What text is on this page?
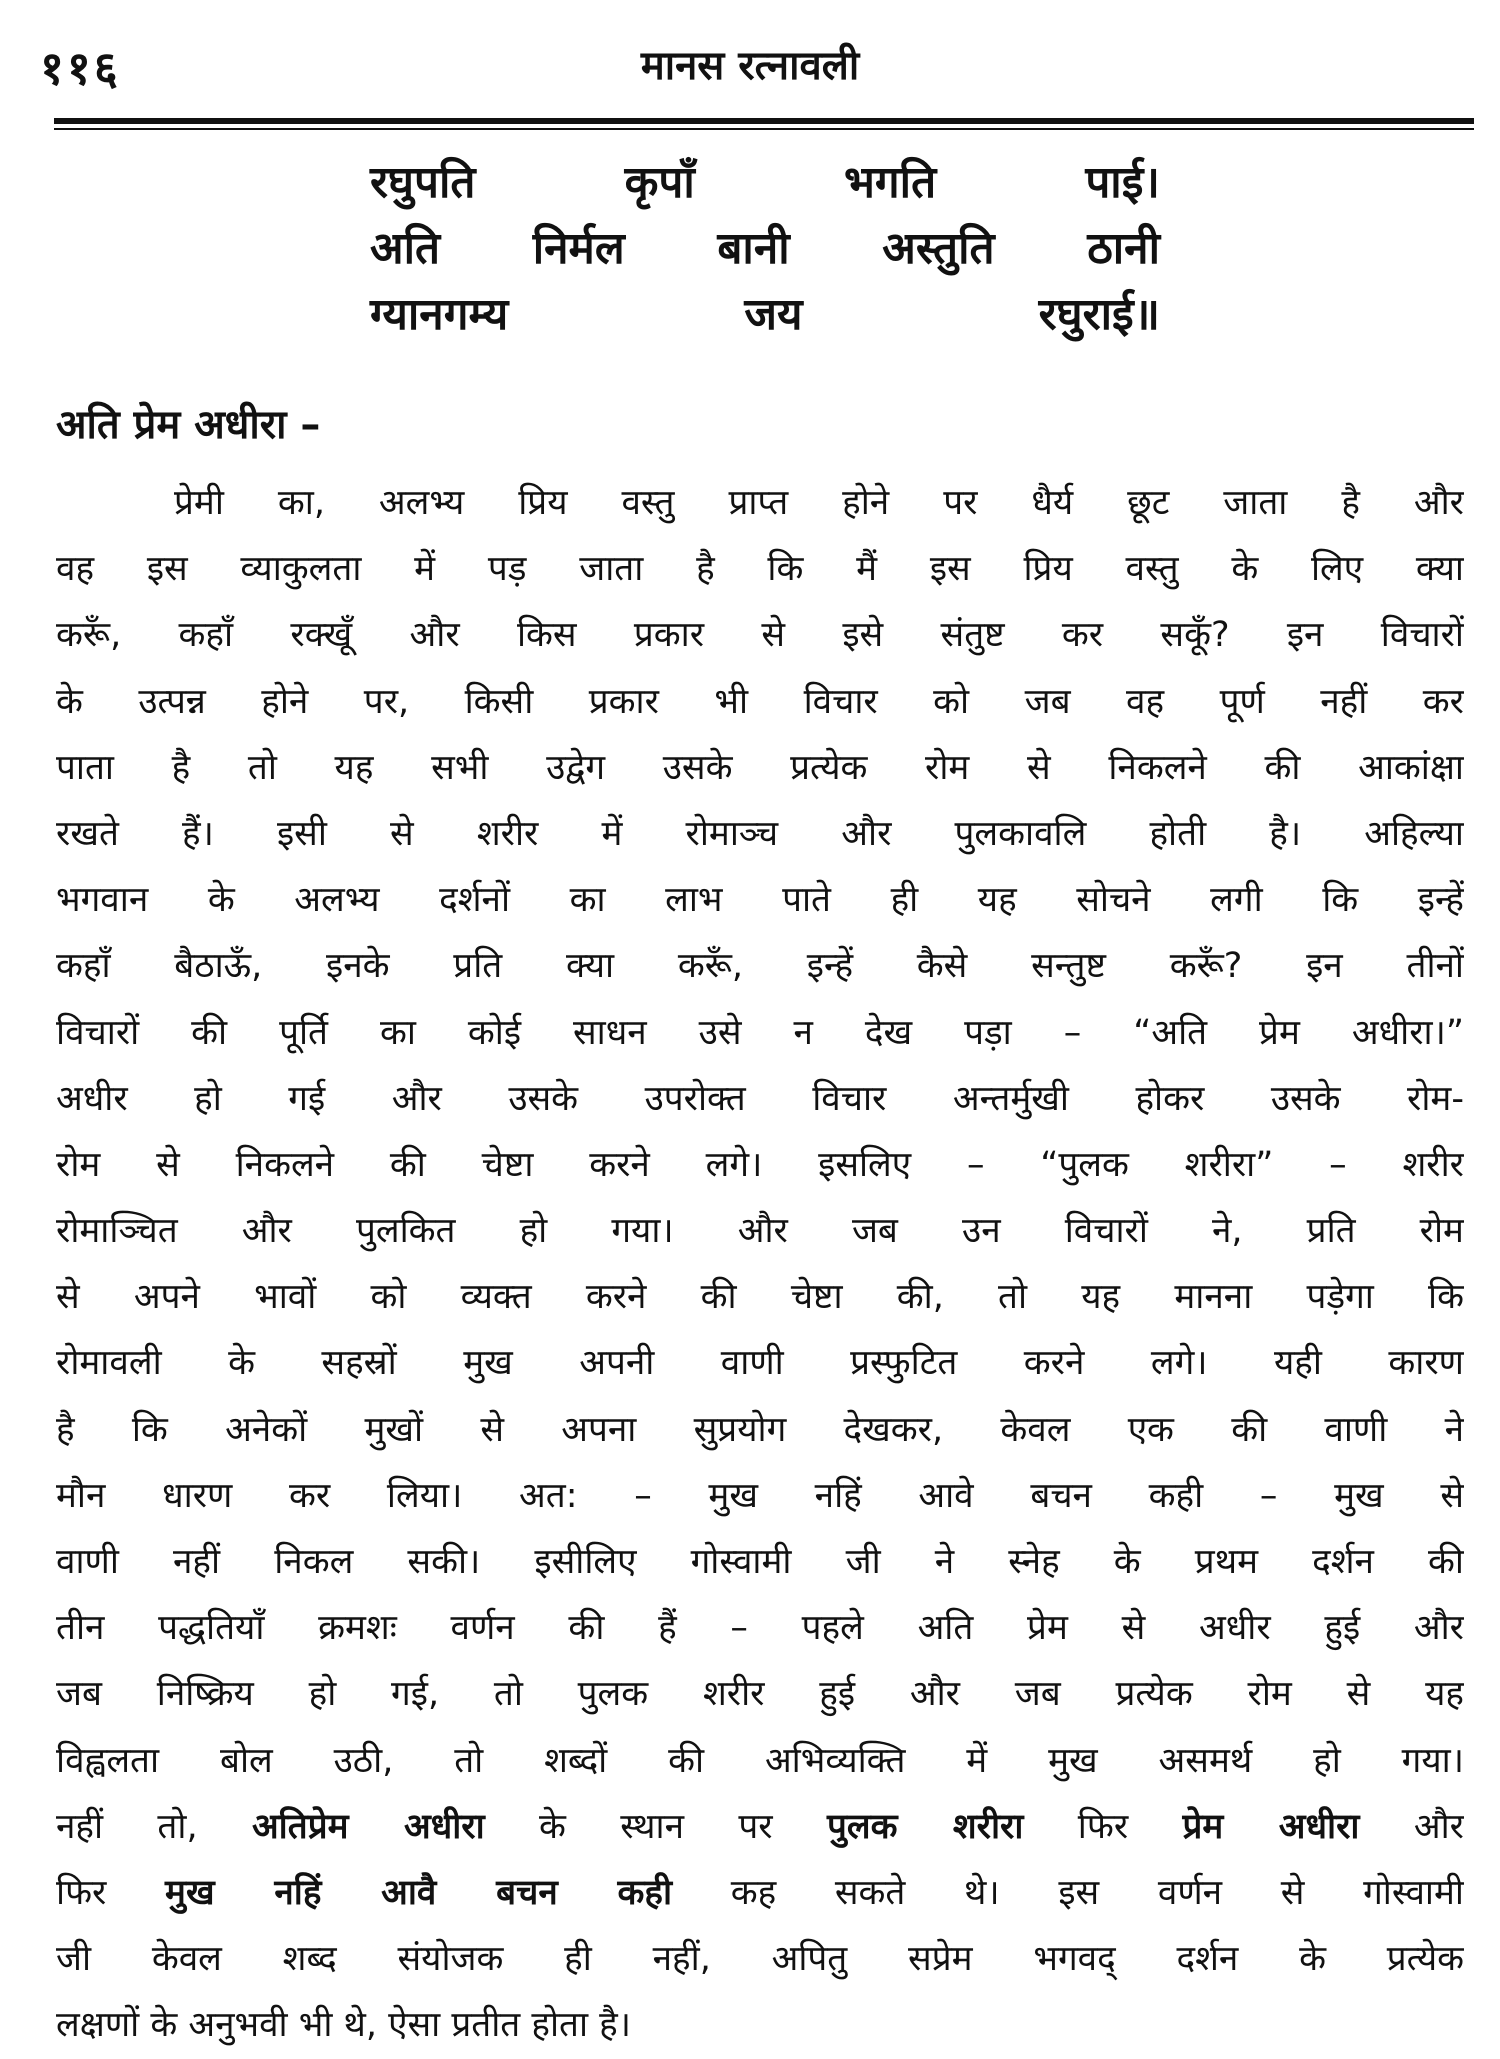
११६	मानस रत्नावली
रघुपति	कृपाँ	भगति	पाई।
अति निर्मल बानी अस्तुति ठानी
ग्यानगम्य	जय	रघुराई॥
अति प्रेम अधीरा –
प्रेमी का, अलभ्य प्रिय वस्तु प्राप्त होने पर धैर्य छूट जाता है और
वह इस व्याकुलता में पड़ जाता है कि मैं इस प्रिय वस्तु के लिए क्या
करूँ, कहाँ रक्खूँ और किस प्रकार से इसे संतुष्ट कर सकूँ? इन विचारों
के उत्पन्न होने पर, किसी प्रकार भी विचार को जब वह पूर्ण नहीं कर
पाता है तो यह सभी उद्वेग उसके प्रत्येक रोम से निकलने की आकांक्षा
रखते हैं। इसी से शरीर में रोमाञ्च और पुलकावलि होती है। अहिल्या
भगवान के अलभ्य दर्शनों का लाभ पाते ही यह सोचने लगी कि इन्हें
कहाँ बैठाऊँ, इनके प्रति क्या करूँ, इन्हें कैसे सन्तुष्ट करूँ? इन तीनों
विचारों की पूर्ति का कोई साधन उसे न देख पड़ा – “अति प्रेम अधीरा।”
अधीर हो गई और उसके उपरोक्त विचार अन्तर्मुखी होकर उसके रोम-
रोम से निकलने की चेष्टा करने लगे। इसलिए – “पुलक शरीरा” – शरीर
रोमाञ्चित और पुलकित हो गया। और जब उन विचारों ने, प्रति रोम
से अपने भावों को व्यक्त करने की चेष्टा की, तो यह मानना पड़ेगा कि
रोमावली के सहस्रों मुख अपनी वाणी प्रस्फुटित करने लगे। यही कारण
है कि अनेकों मुखों से अपना सुप्रयोग देखकर, केवल एक की वाणी ने
मौन धारण कर लिया। अत: – मुख नहिं आवे बचन कही – मुख से
वाणी नहीं निकल सकी। इसीलिए गोस्वामी जी ने स्नेह के प्रथम दर्शन की
तीन पद्धतियाँ क्रमशः वर्णन की हैं – पहले अति प्रेम से अधीर हुई और
जब निष्क्रिय हो गई, तो पुलक शरीर हुई और जब प्रत्येक रोम से यह
विह्वलता बोल उठी, तो शब्दों की अभिव्यक्ति में मुख असमर्थ हो गया।
नहीं तो, अतिप्रेम अधीरा के स्थान पर पुलक शरीरा फिर प्रेम अधीरा और
फिर मुख नहिं आवै बचन कही कह सकते थे। इस वर्णन से गोस्वामी
जी केवल शब्द संयोजक ही नहीं, अपितु सप्रेम भगवद् दर्शन के प्रत्येक
लक्षणों के अनुभवी भी थे, ऐसा प्रतीत होता है।
